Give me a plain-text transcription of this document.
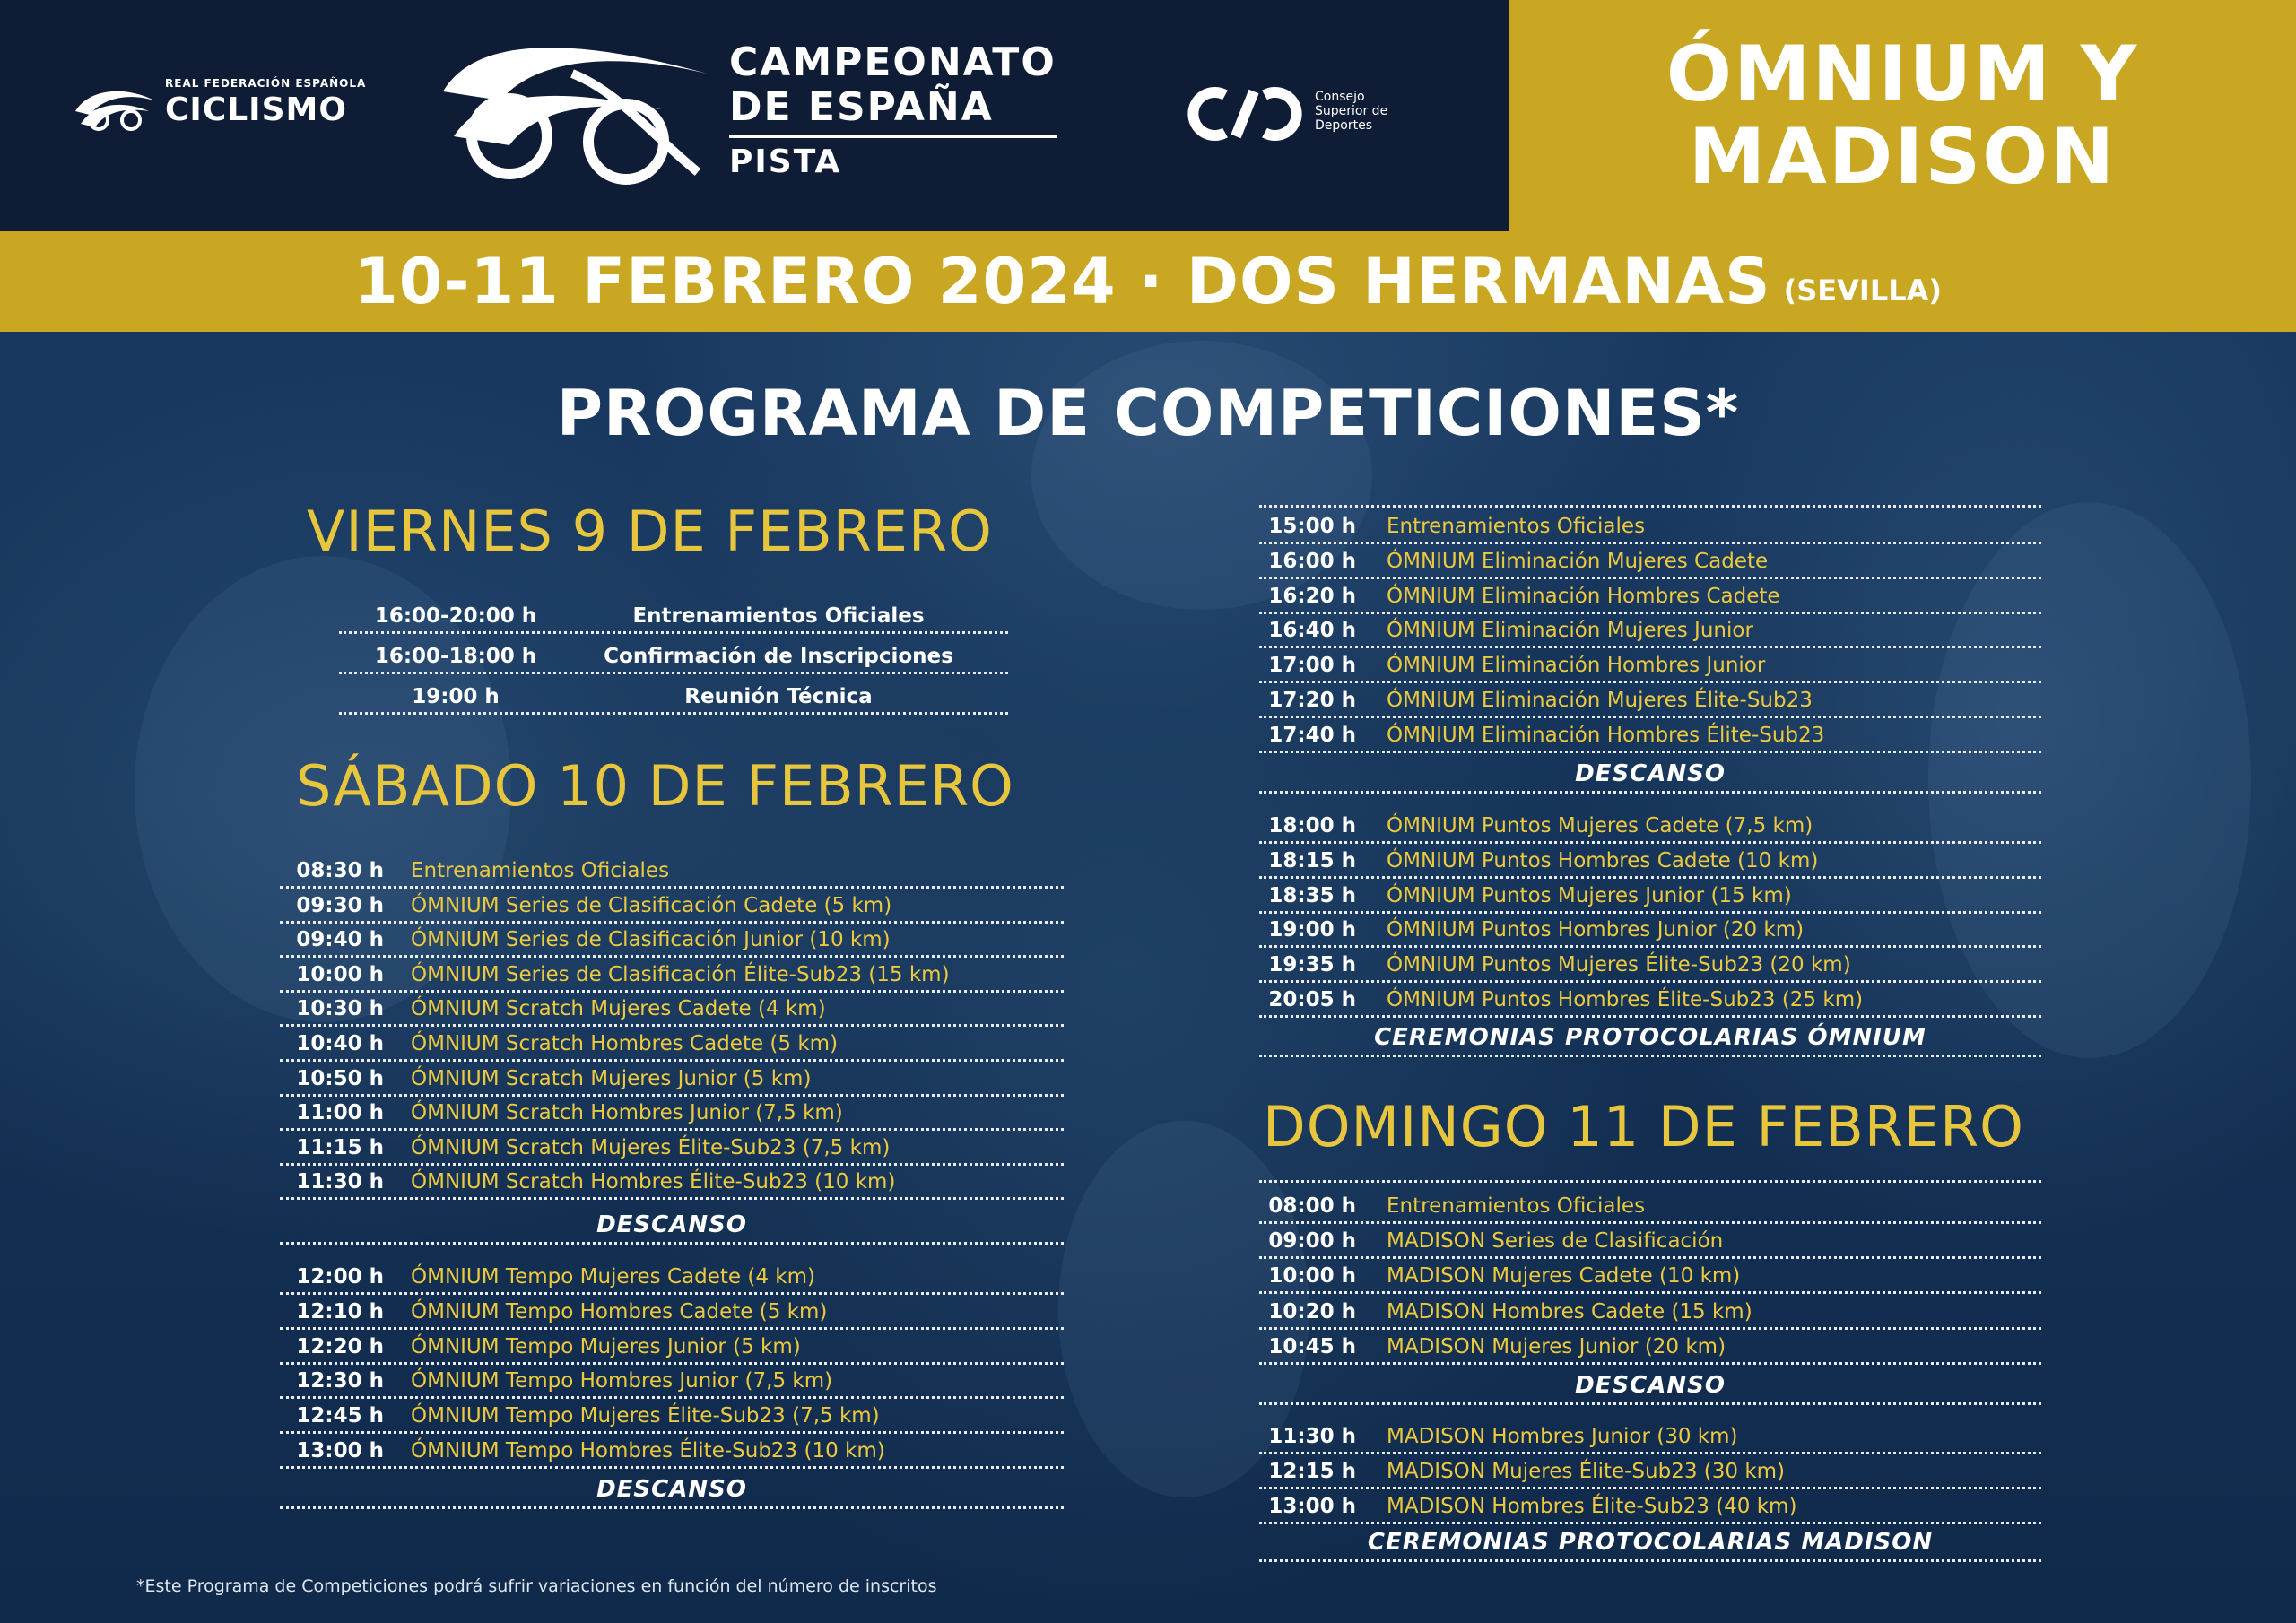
REAL FEDERACIÓN ESPAÑOLA
CICLISMO
CAMPEONATO
DE ESPAÑA
PISTA
Consejo Superior de Deportes
ÓMNIUM Y
MADISON
10-11 FEBRERO 2024 · DOS HERMANAS (SEVILLA)
PROGRAMA DE COMPETICIONES*
VIERNES 9 DE FEBRERO
16:00-20:00 h	Entrenamientos Oficiales
16:00-18:00 h	Confirmación de Inscripciones
19:00 h	Reunión Técnica
SÁBADO 10 DE FEBRERO
08:30 h Entrenamientos Oficiales
09:30 h ÓMNIUM Series de Clasificación Cadete (5 km)
09:40 h ÓMNIUM Series de Clasificación Junior (10 km)
10:00 h ÓMNIUM Series de Clasificación Élite-Sub23 (15 km)
10:30 h ÓMNIUM Scratch Mujeres Cadete (4 km)
10:40 h ÓMNIUM Scratch Hombres Cadete (5 km)
10:50 h ÓMNIUM Scratch Mujeres Junior (5 km)
11:00 h ÓMNIUM Scratch Hombres Junior (7,5 km)
11:15 h ÓMNIUM Scratch Mujeres Élite-Sub23 (7,5 km)
11:30 h ÓMNIUM Scratch Hombres Élite-Sub23 (10 km)
DESCANSO
12:00 h ÓMNIUM Tempo Mujeres Cadete (4 km)
12:10 h ÓMNIUM Tempo Hombres Cadete (5 km)
12:20 h ÓMNIUM Tempo Mujeres Junior (5 km)
12:30 h ÓMNIUM Tempo Hombres Junior (7,5 km)
12:45 h ÓMNIUM Tempo Mujeres Élite-Sub23 (7,5 km)
13:00 h ÓMNIUM Tempo Hombres Élite-Sub23 (10 km)
DESCANSO
15:00 h Entrenamientos Oficiales
16:00 h ÓMNIUM Eliminación Mujeres Cadete
16:20 h ÓMNIUM Eliminación Hombres Cadete
16:40 h ÓMNIUM Eliminación Mujeres Junior
17:00 h ÓMNIUM Eliminación Hombres Junior
17:20 h ÓMNIUM Eliminación Mujeres Élite-Sub23
17:40 h ÓMNIUM Eliminación Hombres Élite-Sub23
DESCANSO
18:00 h ÓMNIUM Puntos Mujeres Cadete (7,5 km)
18:15 h ÓMNIUM Puntos Hombres Cadete (10 km)
18:35 h ÓMNIUM Puntos Mujeres Junior (15 km)
19:00 h ÓMNIUM Puntos Hombres Junior (20 km)
19:35 h ÓMNIUM Puntos Mujeres Élite-Sub23 (20 km)
20:05 h ÓMNIUM Puntos Hombres Élite-Sub23 (25 km)
CEREMONIAS PROTOCOLARIAS ÓMNIUM
DOMINGO 11 DE FEBRERO
08:00 h Entrenamientos Oficiales
09:00 h MADISON Series de Clasificación
10:00 h MADISON Mujeres Cadete (10 km)
10:20 h MADISON Hombres Cadete (15 km)
10:45 h MADISON Mujeres Junior (20 km)
DESCANSO
11:30 h MADISON Hombres Junior (30 km)
12:15 h MADISON Mujeres Élite-Sub23 (30 km)
13:00 h MADISON Hombres Élite-Sub23 (40 km)
CEREMONIAS PROTOCOLARIAS MADISON
*Este Programa de Competiciones podrá sufrir variaciones en función del número de inscritos
